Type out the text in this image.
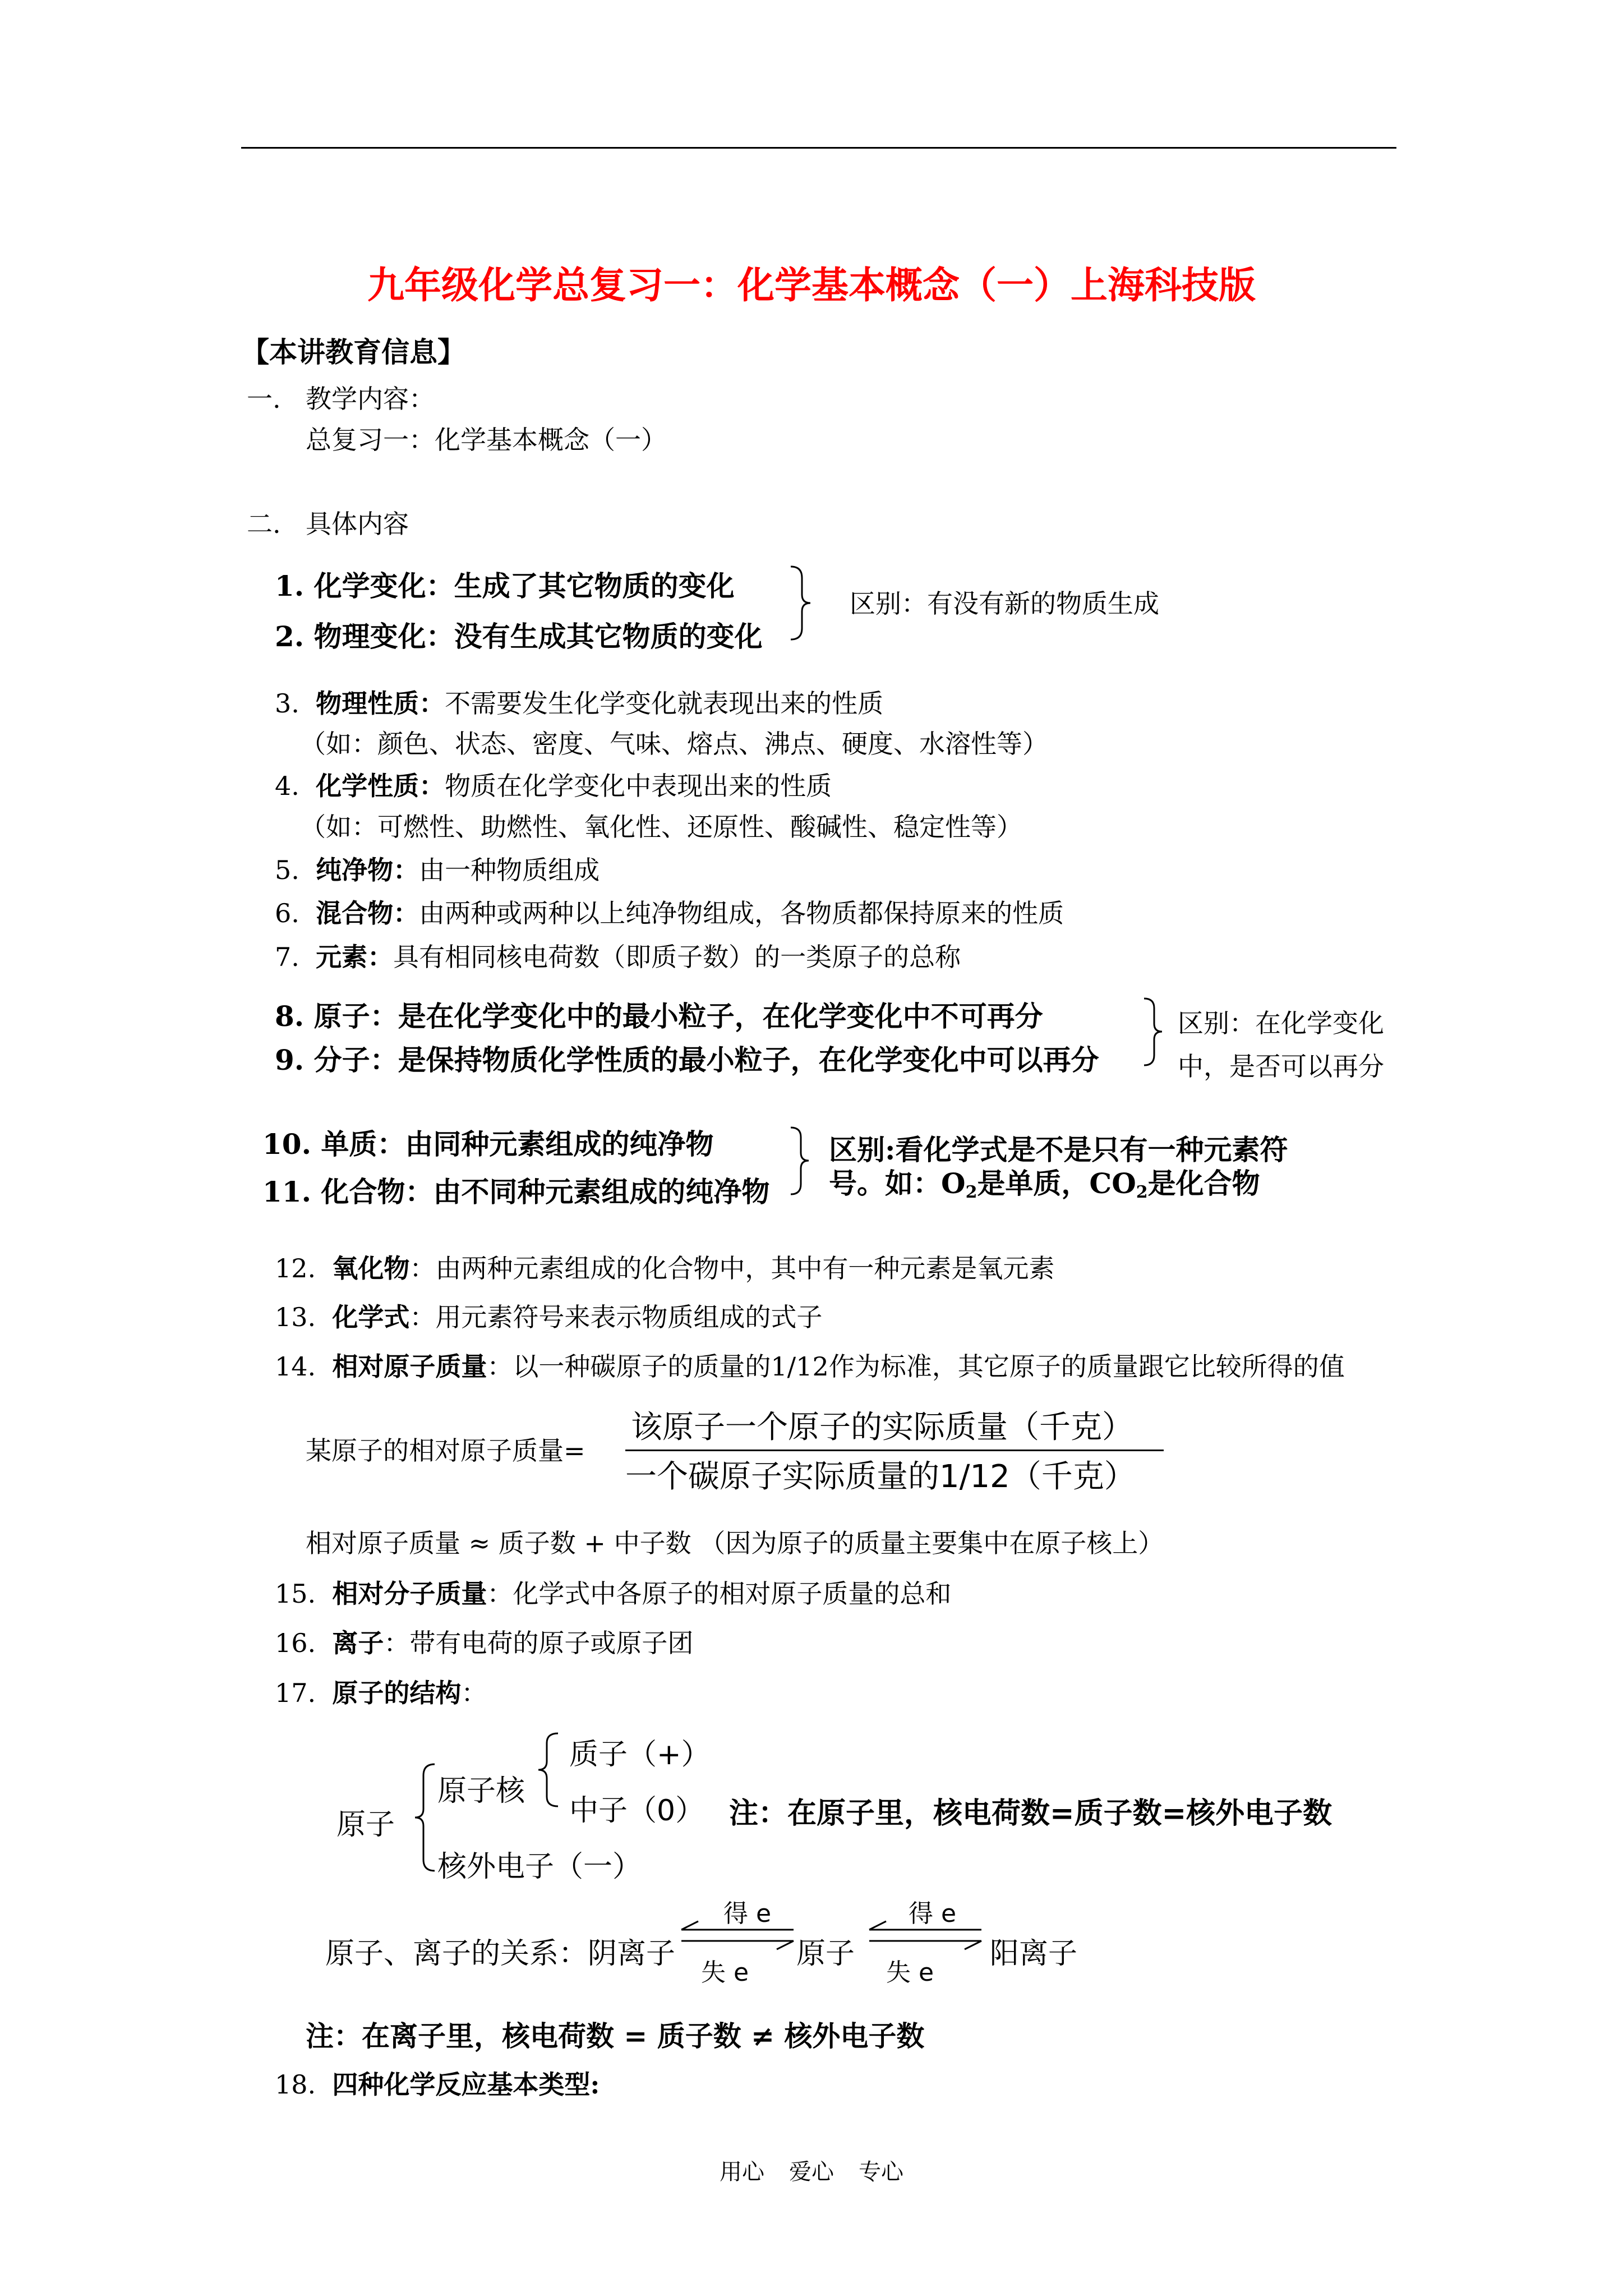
九年级化学总复习一：化学基本概念（一）上海科技版
【本讲教育信息】
一. 教学内容：
总复习一：化学基本概念（一）
二. 具体内容
1. 化学变化：生成了其它物质的变化
2. 物理变化：没有生成其它物质的变化
区别：有没有新的物质生成
3. 物理性质：不需要发生化学变化就表现出来的性质
（如：颜色、状态、密度、气味、熔点、沸点、硬度、水溶性等）
4. 化学性质：物质在化学变化中表现出来的性质
（如：可燃性、助燃性、氧化性、还原性、酸碱性、稳定性等）
5. 纯净物：由一种物质组成
6. 混合物：由两种或两种以上纯净物组成，各物质都保持原来的性质
7. 元素：具有相同核电荷数（即质子数）的一类原子的总称
8. 原子：是在化学变化中的最小粒子，在化学变化中不可再分
9. 分子：是保持物质化学性质的最小粒子，在化学变化中可以再分
区别：在化学变化
中，是否可以再分
10. 单质：由同种元素组成的纯净物
11. 化合物：由不同种元素组成的纯净物
区别:看化学式是不是只有一种元素符
号。如：$O_2$是单质，$CO_2$是化合物
12. 氧化物：由两种元素组成的化合物中，其中有一种元素是氧元素
13. 化学式：用元素符号来表示物质组成的式子
14. 相对原子质量：以一种碳原子的质量的1/12作为标准，其它原子的质量跟它比较所得的值
某原子的相对原子质量=
该原子一个原子的实际质量（千克）
一个碳原子实际质量的1/12（千克）
相对原子质量 ≈ 质子数 + 中子数 （因为原子的质量主要集中在原子核上）
15. 相对分子质量：化学式中各原子的相对原子质量的总和
16. 离子：带有电荷的原子或原子团
17. 原子的结构：
原子
原子核
质子（+）
中子（0）
核外电子（一）
注：在原子里，核电荷数=质子数=核外电子数
原子、离子的关系：阴离子
得 e
失 e
原子
得 e
失 e
阳离子
注：在离子里，核电荷数 = 质子数 ≠ 核外电子数
18. 四种化学反应基本类型:
用心 爱心 专心
